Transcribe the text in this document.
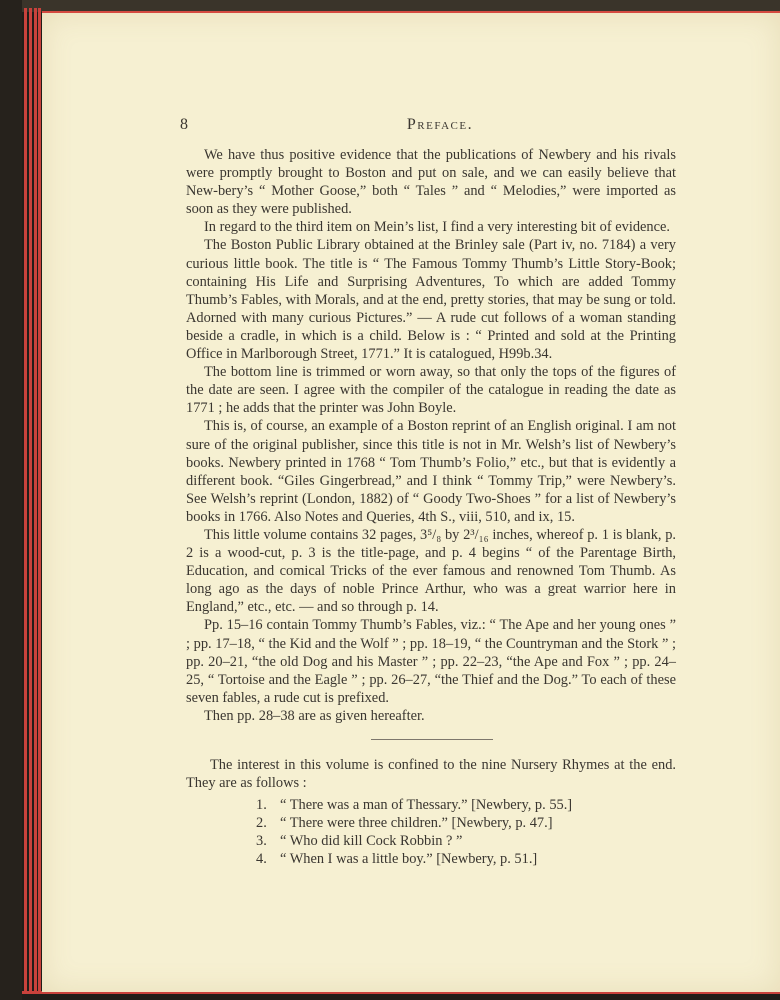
8	Preface.

We have thus positive evidence that the publications of Newbery and his rivals were promptly brought to Boston and put on sale, and we can easily believe that New-bery’s “ Mother Goose,” both “ Tales ” and “ Melodies,” were imported as soon as they were published.

In regard to the third item on Mein’s list, I find a very interesting bit of evidence.

The Boston Public Library obtained at the Brinley sale (Part iv, no. 7184) a very curious little book. The title is “ The Famous Tommy Thumb’s Little Story-Book; containing His Life and Surprising Adventures, To which are added Tommy Thumb’s Fables, with Morals, and at the end, pretty stories, that may be sung or told. Adorned with many curious Pictures.” — A rude cut follows of a woman standing beside a cradle, in which is a child. Below is : “ Printed and sold at the Printing Office in Marlborough Street, 1771.” It is catalogued, H99b.34.

The bottom line is trimmed or worn away, so that only the tops of the figures of the date are seen. I agree with the compiler of the catalogue in reading the date as 1771 ; he adds that the printer was John Boyle.

This is, of course, an example of a Boston reprint of an English original. I am not sure of the original publisher, since this title is not in Mr. Welsh’s list of Newbery’s books. Newbery printed in 1768 “ Tom Thumb’s Folio,” etc., but that is evidently a different book. “Giles Gingerbread,” and I think “ Tommy Trip,” were Newbery’s. See Welsh’s reprint (London, 1882) of “ Goody Two-Shoes ” for a list of Newbery’s books in 1766. Also Notes and Queries, 4th S., viii, 510, and ix, 15.

This little volume contains 32 pages, 3⁵/₈ by 2³/₁₆ inches, whereof p. 1 is blank, p. 2 is a wood-cut, p. 3 is the title-page, and p. 4 begins “ of the Parentage Birth, Education, and comical Tricks of the ever famous and renowned Tom Thumb. As long ago as the days of noble Prince Arthur, who was a great warrior here in England,” etc., etc. — and so through p. 14.

Pp. 15–16 contain Tommy Thumb’s Fables, viz.: “ The Ape and her young ones ” ; pp. 17–18, “ the Kid and the Wolf ” ; pp. 18–19, “ the Countryman and the Stork ” ; pp. 20–21, “the old Dog and his Master ” ; pp. 22–23, “the Ape and Fox ” ; pp. 24–25, “ Tortoise and the Eagle ” ; pp. 26–27, “the Thief and the Dog.” To each of these seven fables, a rude cut is prefixed.

Then pp. 28–38 are as given hereafter.

The interest in this volume is confined to the nine Nursery Rhymes at the end. They are as follows :

1. “ There was a man of Thessary.” [Newbery, p. 55.]
2. “ There were three children.” [Newbery, p. 47.]
3. “ Who did kill Cock Robbin ? ”
4. “ When I was a little boy.” [Newbery, p. 51.]
